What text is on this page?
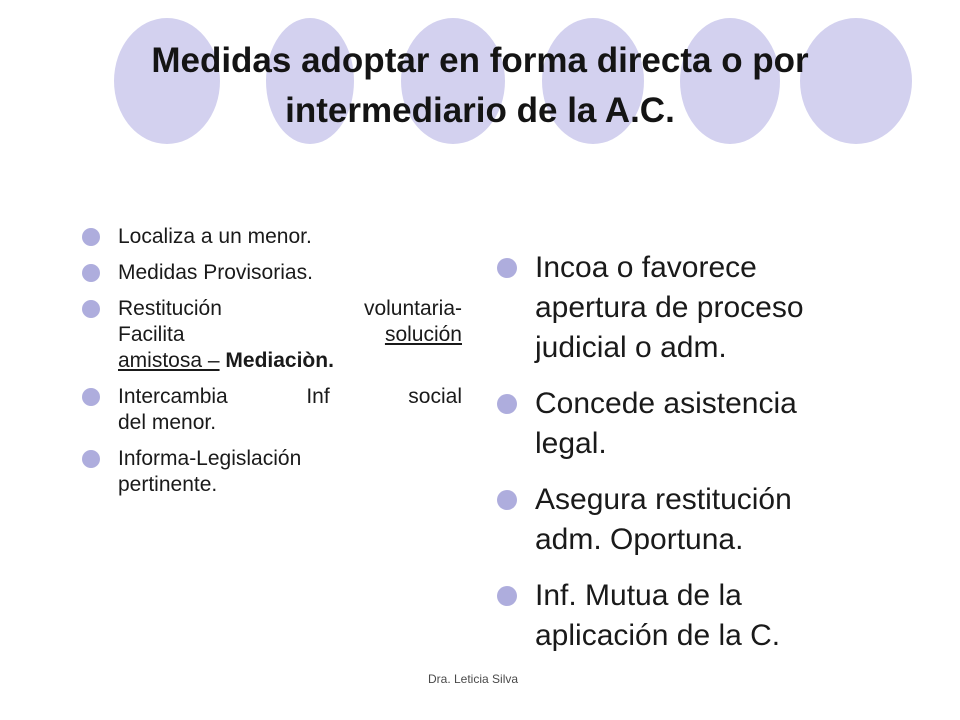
Medidas adoptar en forma directa o por
intermediario de la A.C.
Localiza a un menor.
Medidas Provisorias.
Restitución	voluntaria-
Facilita	solución
amistosa – Mediaciòn.
Intercambia Inf social
del menor.
Informa-Legislación
pertinente.
Incoa o favorece
apertura de proceso
judicial o adm.
Concede asistencia
legal.
Asegura restitución
adm. Oportuna.
Inf. Mutua de la
aplicación de la C.
Dra. Leticia Silva
